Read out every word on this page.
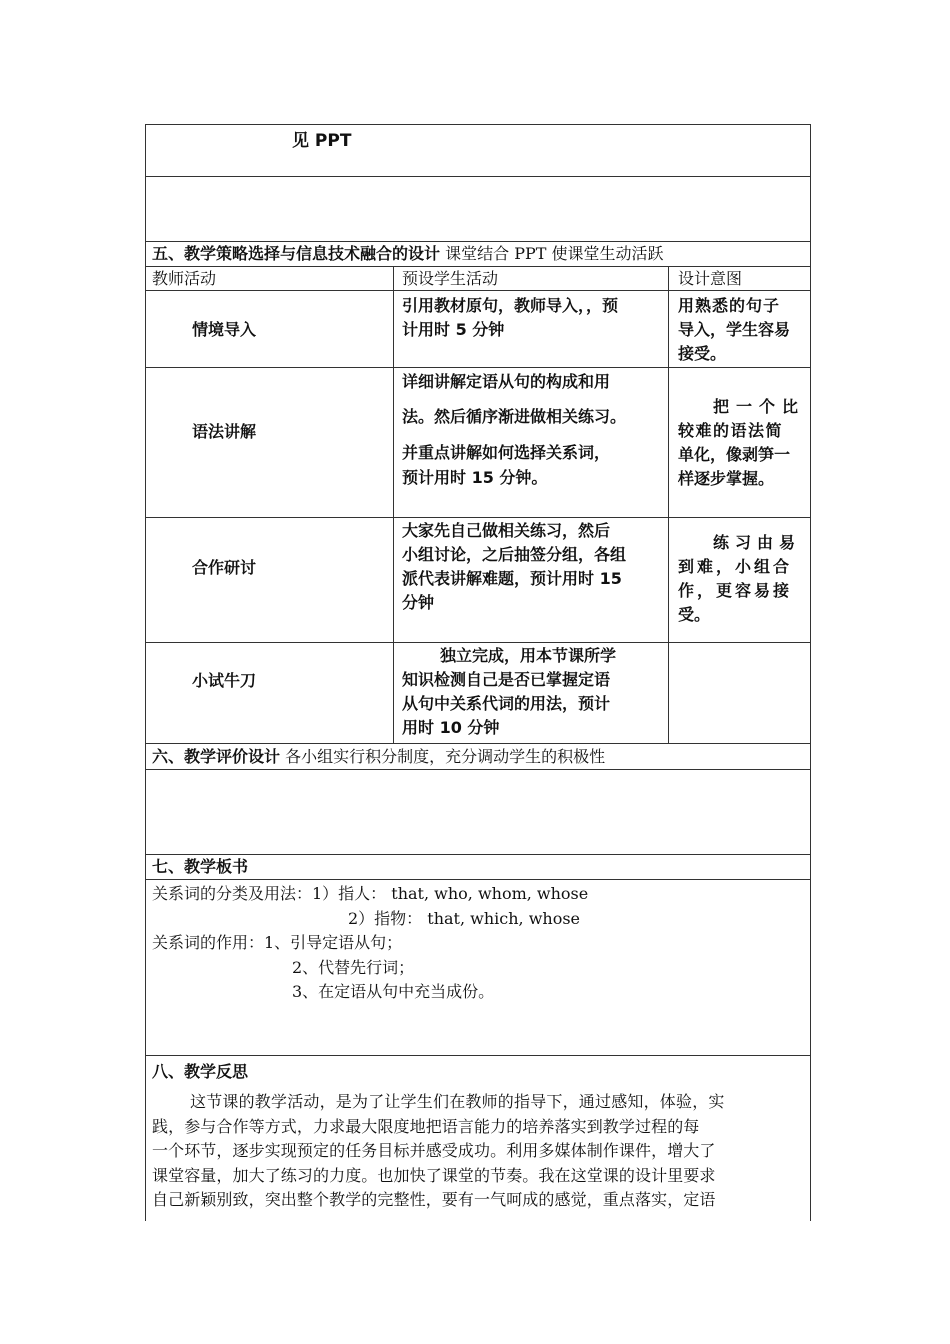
见 PPT
五、教学策略选择与信息技术融合的设计 课堂结合 PPT 使课堂生动活跃
教师活动	预设学生活动	设计意图
情境导入
引用教材原句，教师导入，，预
计用时 5 分钟
用熟悉的句子
导入，学生容易
接受。
语法讲解
详细讲解定语从句的构成和用
法。然后循序渐进做相关练习。
并重点讲解如何选择关系词，
预计用时 15 分钟。
把一个比
较难的语法简
单化，像剥笋一
样逐步掌握。
合作研讨
大家先自己做相关练习，然后
小组讨论，之后抽签分组，各组
派代表讲解难题，预计用时 15
分钟
练习由易
到难，小组合
作，更容易接
受。
小试牛刀
独立完成，用本节课所学
知识检测自己是否已掌握定语
从句中关系代词的用法，预计
用时 10 分钟
六、教学评价设计 各小组实行积分制度，充分调动学生的积极性
七、教学板书
关系词的分类及用法：1）指人： that, who, whom, whose
2）指物： that, which, whose
关系词的作用：1、引导定语从句；
2、代替先行词；
3、在定语从句中充当成份。
八、教学反思
这节课的教学活动，是为了让学生们在教师的指导下，通过感知，体验，实
践，参与合作等方式，力求最大限度地把语言能力的培养落实到教学过程的每
一个环节，逐步实现预定的任务目标并感受成功。利用多媒体制作课件，增大了
课堂容量，加大了练习的力度。也加快了课堂的节奏。我在这堂课的设计里要求
自己新颖别致，突出整个教学的完整性，要有一气呵成的感觉，重点落实，定语
